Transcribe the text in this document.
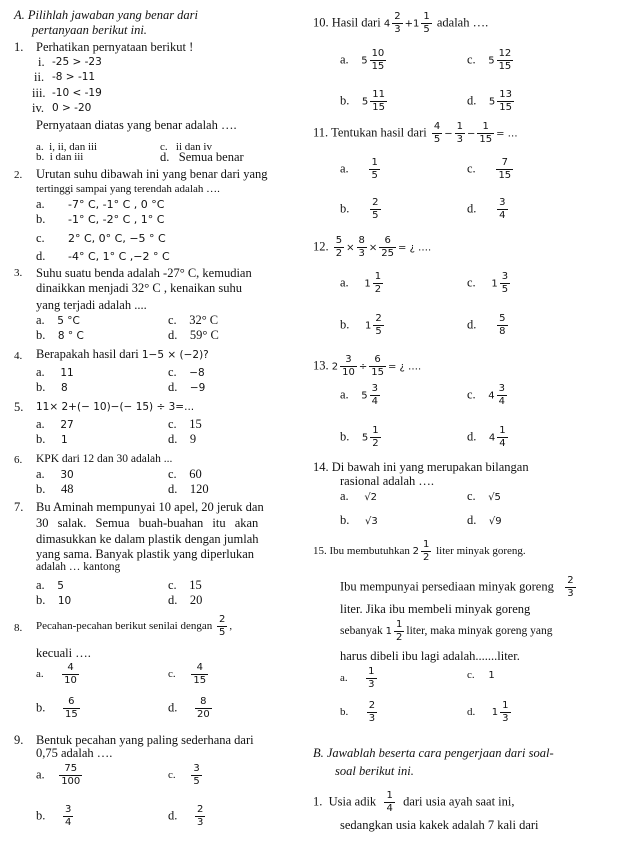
A. Pilihlah jawaban yang benar dari
pertanyaan berikut ini.
1. Perhatikan pernyataan berikut !
i. -25 > -23
ii. -8 > -11
iii. -10 < -19
iv. 0 > -20
Pernyataan diatas yang benar adalah ….
a. i, ii, dan iii	c. ii dan iv
b. i dan iii	d. Semua benar
2. Urutan suhu dibawah ini yang benar dari yang
tertinggi sampai yang terendah adalah ….
a. -7° C, -1° C , 0 °C
b. -1° C, -2° C , 1° C
c. 2° C, 0° C, −5 ° C
d. -4° C, 1° C ,−2 ° C
3. Suhu suatu benda adalah -27° C, kemudian
dinaikkan menjadi 32° C , kenaikan suhu
yang terjadi adalah ....
a. 5 °C	c. 32° C
b. 8 ° C	d. 59° C
4. Berapakah hasil dari 1−5 × (−2)?
a. 11	c. −8
b. 8	d. −9
5. 11× 2+(− 10)−(− 15) ÷ 3=...
a. 27	c. 15
b. 1	d. 9
6. KPK dari 12 dan 30 adalah ...
a. 30	c. 60
b. 48	d. 120
7. Bu Aminah mempunyai 10 apel, 20 jeruk dan
30 salak. Semua buah-buahan itu akan
dimasukkan ke dalam plastik dengan jumlah
yang sama. Banyak plastik yang diperlukan
adalah … kantong
a. 5	c. 15
b. 10	d. 20
8. Pecahan-pecahan berikut senilai dengan $\frac{2}{5}$ ,
kecuali ….
a. $\frac{4}{10}$	c. $\frac{4}{15}$
b. $\frac{6}{15}$	d. $\frac{8}{20}$
9. Bentuk pecahan yang paling sederhana dari
0,75 adalah ….
a. $\frac{75}{100}$	c. $\frac{3}{5}$
b. $\frac{3}{4}$	d. $\frac{2}{3}$
10. Hasil dari $4 \frac{2}{3} +1 \frac{1}{5}$ adalah ….
a. $5 \frac{10}{15}$	c. $5 \frac{12}{15}$
b. $5 \frac{11}{15}$	d. $5 \frac{13}{15}$
11. Tentukan hasil dari $\frac{4}{5} - \frac{1}{3} - \frac{1}{15}$ = …
a. $\frac{1}{5}$	c. $\frac{7}{15}$
b. $\frac{2}{5}$	d. $\frac{3}{4}$
12. $\frac{5}{2} \times \frac{8}{3} \times \frac{6}{25}$ = ¿ ….
a. $1 \frac{1}{2}$	c. $1 \frac{3}{5}$
b. $1 \frac{2}{5}$	d. $\frac{5}{8}$
13. $2 \frac{3}{10} \div \frac{6}{15}$ = ¿ ….
a. $5 \frac{3}{4}$	c. $4 \frac{3}{4}$
b. $5 \frac{1}{2}$	d. $4 \frac{1}{4}$
14. Di bawah ini yang merupakan bilangan
rasional adalah ….
a. √2	c. √5
b. √3	d. √9
15. Ibu membutuhkan $2 \frac{1}{2}$ liter minyak goreng.
Ibu mempunyai persediaan minyak goreng $\frac{2}{3}$
liter. Jika ibu membeli minyak goreng
sebanyak $1 \frac{1}{2}$ liter, maka minyak goreng yang
harus dibeli ibu lagi adalah.......liter.
a. $\frac{1}{3}$	c. 1
b. $\frac{2}{3}$	d. $1 \frac{1}{3}$
B. Jawablah beserta cara pengerjaan dari soal-
soal berikut ini.
1. Usia adik $\frac{1}{4}$ dari usia ayah saat ini,
sedangkan usia kakek adalah 7 kali dari
